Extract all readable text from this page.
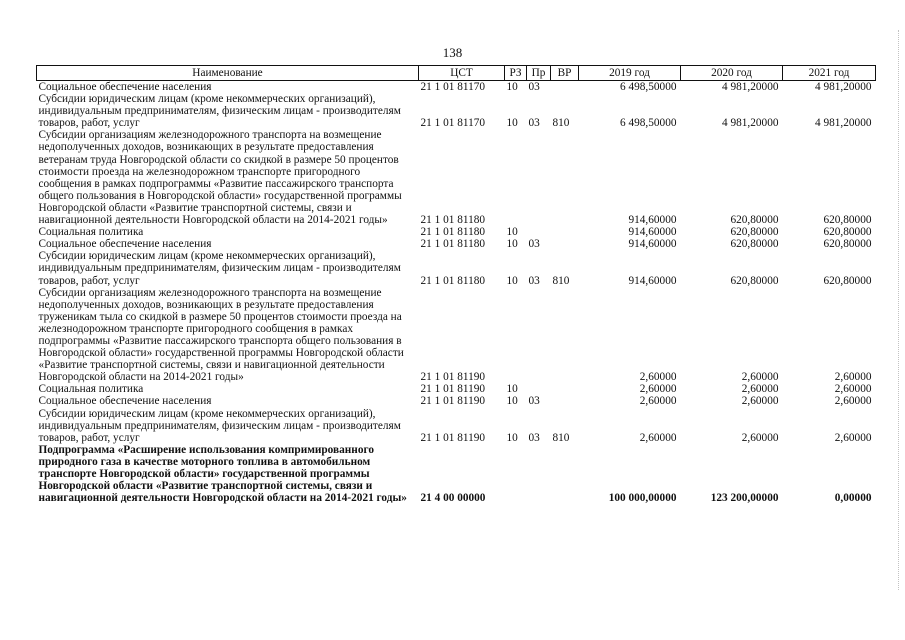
138
Наименование	ЦСТ	РЗ	Пр	ВР	2019 год	2020 год	2021 год
Социальное обеспечение населения	21 1 01 81170	10	03		6 498,50000	4 981,20000	4 981,20000
Субсидии юридическим лицам (кроме некоммерческих организаций), индивидуальным предпринимателям, физическим лицам - производителям товаров, работ, услуг	21 1 01 81170	10	03	810	6 498,50000	4 981,20000	4 981,20000
Субсидии организациям железнодорожного транспорта на возмещение недополученных доходов, возникающих в результате предоставления ветеранам труда Новгородской области со скидкой в размере 50 процентов стоимости проезда на железнодорожном транспорте пригородного сообщения в рамках подпрограммы «Развитие пассажирского транспорта общего пользования в Новгородской области» государственной программы Новгородской области «Развитие транспортной системы, связи и навигационной деятельности Новгородской области на 2014-2021 годы»	21 1 01 81180				914,60000	620,80000	620,80000
Социальная политика	21 1 01 81180	10			914,60000	620,80000	620,80000
Социальное обеспечение населения	21 1 01 81180	10	03		914,60000	620,80000	620,80000
Субсидии юридическим лицам (кроме некоммерческих организаций), индивидуальным предпринимателям, физическим лицам - производителям товаров, работ, услуг	21 1 01 81180	10	03	810	914,60000	620,80000	620,80000
Субсидии организациям железнодорожного транспорта на возмещение недополученных доходов, возникающих в результате предоставления труженикам тыла со скидкой в размере 50 процентов стоимости проезда на железнодорожном транспорте пригородного сообщения в рамках подпрограммы «Развитие пассажирского транспорта общего пользования в Новгородской области» государственной программы Новгородской области «Развитие транспортной системы, связи и навигационной деятельности Новгородской области на 2014-2021 годы»	21 1 01 81190				2,60000	2,60000	2,60000
Социальная политика	21 1 01 81190	10			2,60000	2,60000	2,60000
Социальное обеспечение населения	21 1 01 81190	10	03		2,60000	2,60000	2,60000
Субсидии юридическим лицам (кроме некоммерческих организаций), индивидуальным предпринимателям, физическим лицам - производителям товаров, работ, услуг	21 1 01 81190	10	03	810	2,60000	2,60000	2,60000
Подпрограмма «Расширение использования компримированного природного газа в качестве моторного топлива в автомобильном транспорте Новгородской области» государственной программы Новгородской области «Развитие транспортной системы, связи и навигационной деятельности Новгородской области на 2014-2021 годы»	21 4 00 00000				100 000,00000	123 200,00000	0,00000
